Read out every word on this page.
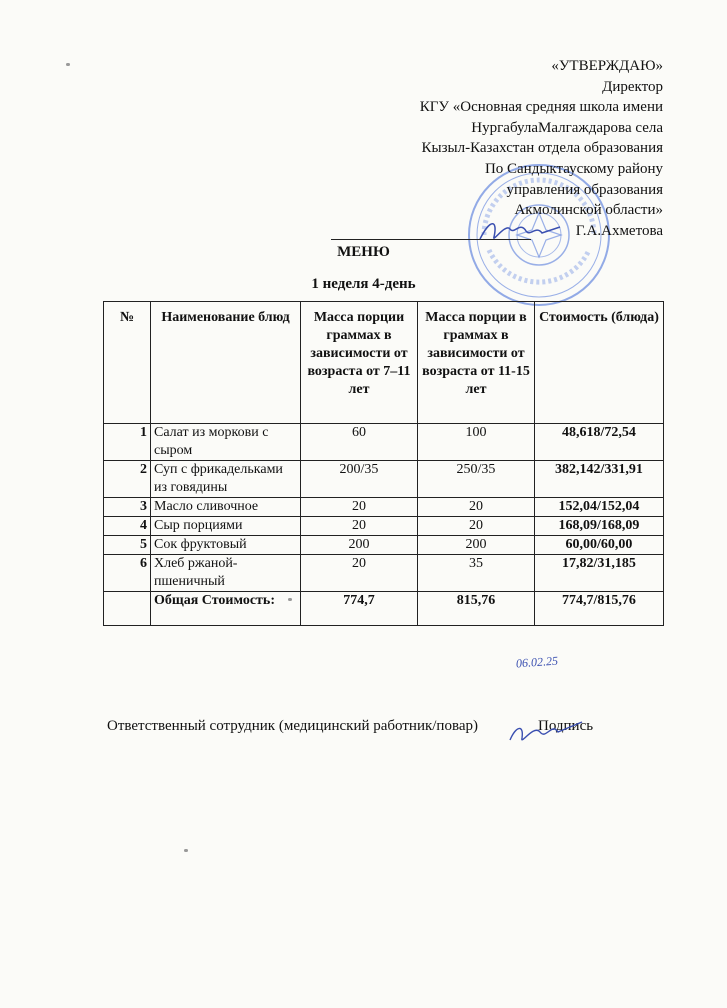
«УТВЕРЖДАЮ»
Директор
КГУ «Основная средняя школа имени
НургабулаМалгаждарова села
Кызыл-Казахстан отдела образования
По Сандыктаускому району
управления образования
Акмолинской области»
Г.А.Ахметова
МЕНЮ
1 неделя 4-день
№	Наименование блюд	Масса порции граммах в зависимости от возраста от 7–11 лет	Масса порции в граммах в зависимости от возраста от 11-15 лет	Стоимость (блюда)
1	Салат из моркови с сыром	60	100	48,618/72,54
2	Суп с фрикадельками из говядины	200/35	250/35	382,142/331,91
3	Масло сливочное	20	20	152,04/152,04
4	Сыр порциями	20	20	168,09/168,09
5	Сок фруктовый	200	200	60,00/60,00
6	Хлеб ржаной-пшеничный	20	35	17,82/31,185
	Общая Стоимость:	774,7	815,76	774,7/815,76
06.02.25
Ответственный сотрудник (медицинский работник/повар)	Подпись
